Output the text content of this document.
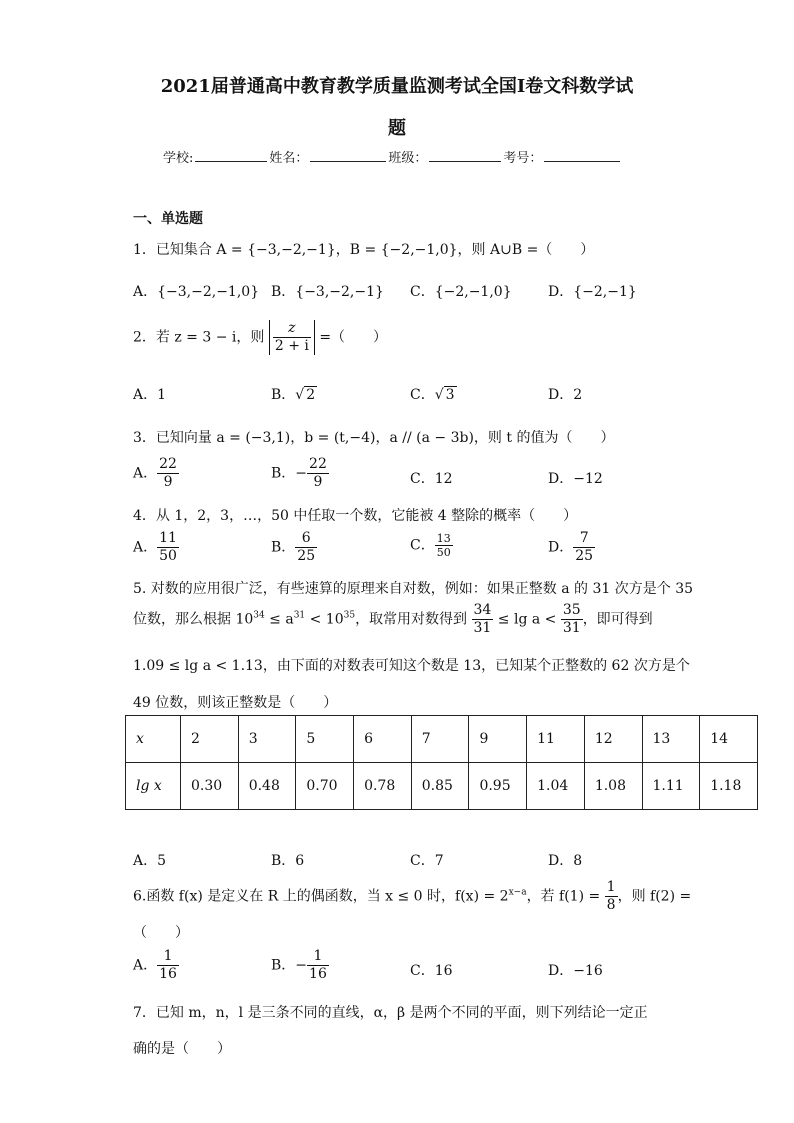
2021届普通高中教育教学质量监测考试全国I卷文科数学试
题
学校:	姓名：	班级：	考号：
一、单选题
1．已知集合 A = {−3,−2,−1}，B = {−2,−1,0}，则 A∪B =（　　）
A．{−3,−2,−1,0} B．{−3,−2,−1} C．{−2,−1,0}	D．{−2,−1}
2．若 z = 3 − i，则 $\frac{z}{2 + i}$ =（　　）
A．1	B．√ 2	C．√ 3	D．2
3．已知向量 a = (−3,1)，b = (t,−4)，a // (a − 3b)，则 t 的值为（　　）
A． $\frac{22}{9}$	B．− $\frac{22}{9}$	C．12	D．−12
4．从 1，2，3，…，50 中任取一个数，它能被 4 整除的概率（　　）
A． $\frac{11}{50}$	B． $\frac{6}{25}$	C． $\frac{13}{50}$	D． $\frac{7}{25}$
5. 对数的应用很广泛，有些速算的原理来自对数，例如：如果正整数 a 的 31 次方是个 35
位数，那么根据 $10^{34} \le a^{31} < 10^{35}$，取常用对数得到 $\frac{34}{31} \le \lg a < \frac{35}{31}$ ，即可得到
1.09 ≤ lg a < 1.13，由下面的对数表可知这个数是 13，已知某个正整数的 62 次方是个
49 位数，则该正整数是（　　）
x	2	3	5	6	7	9	11	12	13	14
lg x	0.30	0.48	0.70	0.78	0.85	0.95	1.04	1.08	1.11	1.18
A．5	B．6	C．7	D．8
6.函数 f(x) 是定义在 R 上的偶函数，当 x ≤ 0 时，$f(x) = 2^{x-a}$，若 $f(1) = \frac{1}{8}$ ，则 f(2) =
（　　）
A． $\frac{1}{16}$	B．− $\frac{1}{16}$	C．16	D．−16
7．已知 m，n，l 是三条不同的直线，α，β 是两个不同的平面，则下列结论一定正
确的是（　　）
